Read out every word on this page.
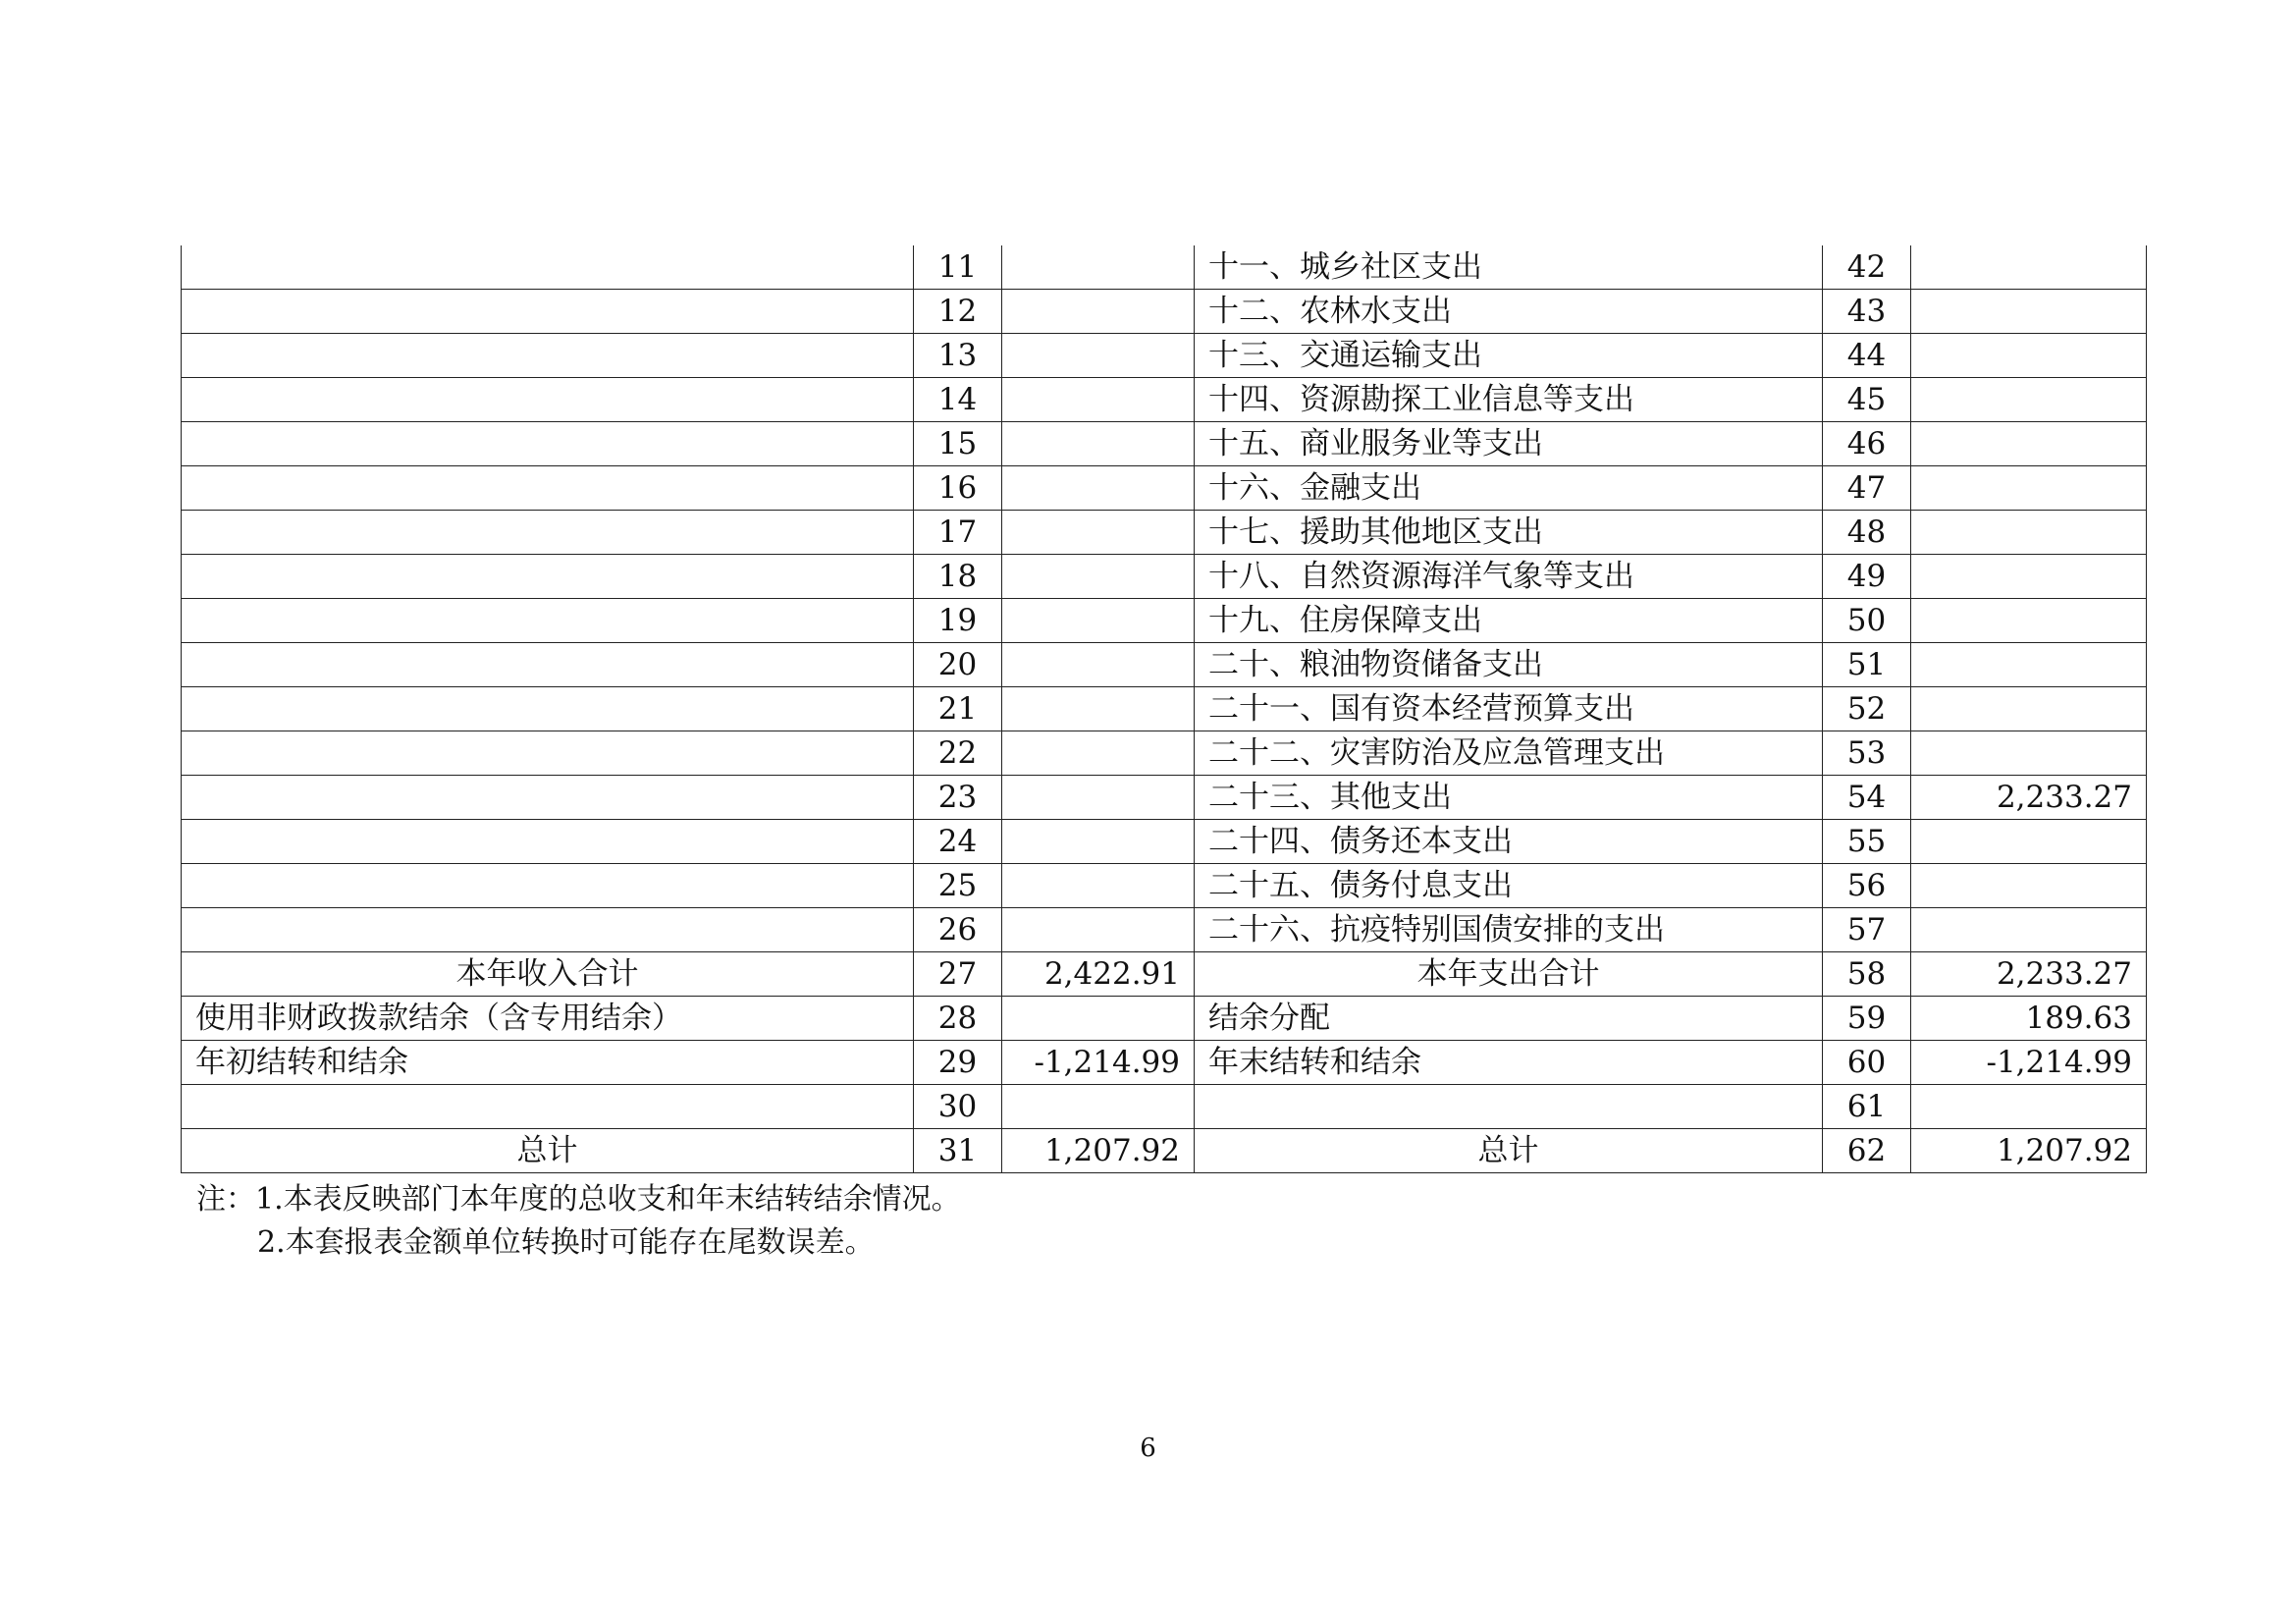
	11		十一、城乡社区支出	42	
	12		十二、农林水支出	43	
	13		十三、交通运输支出	44	
	14		十四、资源勘探工业信息等支出	45	
	15		十五、商业服务业等支出	46	
	16		十六、金融支出	47	
	17		十七、援助其他地区支出	48	
	18		十八、自然资源海洋气象等支出	49	
	19		十九、住房保障支出	50	
	20		二十、粮油物资储备支出	51	
	21		二十一、国有资本经营预算支出	52	
	22		二十二、灾害防治及应急管理支出	53	
	23		二十三、其他支出	54	2,233.27
	24		二十四、债务还本支出	55	
	25		二十五、债务付息支出	56	
	26		二十六、抗疫特别国债安排的支出	57	
本年收入合计	27	2,422.91	本年支出合计	58	2,233.27
使用非财政拨款结余（含专用结余）	28		结余分配	59	189.63
年初结转和结余	29	-1,214.99	年末结转和结余	60	-1,214.99
	30			61	
总计	31	1,207.92	总计	62	1,207.92
注：1.本表反映部门本年度的总收支和年末结转结余情况。
2.本套报表金额单位转换时可能存在尾数误差。
6
